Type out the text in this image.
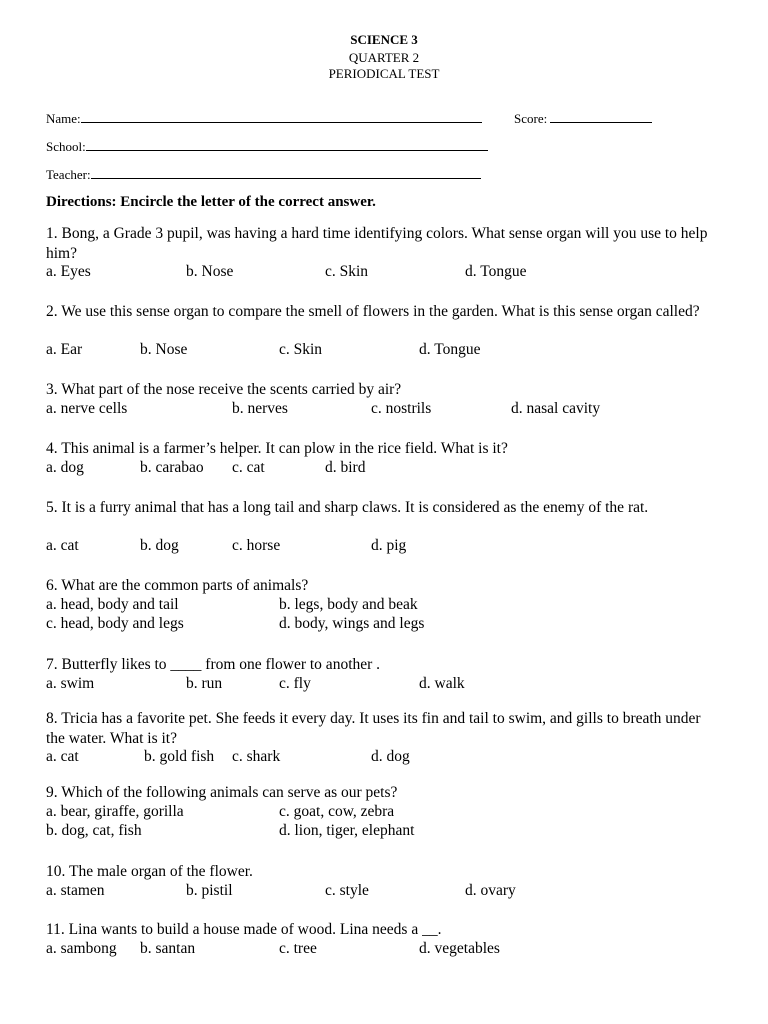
SCIENCE 3
QUARTER 2
PERIODICAL TEST
Name:	Score:
School:
Teacher:
Directions: Encircle the letter of the correct answer.
1. Bong, a Grade 3 pupil, was having a hard time identifying colors. What sense organ will you use to help him?
a. Eyes	b. Nose	c. Skin	d. Tongue
2. We use this sense organ to compare the smell of flowers in the garden. What is this sense organ called?
a. Ear	b. Nose	c. Skin	d. Tongue
3. What part of the nose receive the scents carried by air?
a. nerve cells	b. nerves	c. nostrils	d. nasal cavity
4. This animal is a farmer’s helper. It can plow in the rice field. What is it?
a. dog	b. carabao c. cat	d. bird
5. It is a furry animal that has a long tail and sharp claws. It is considered as the enemy of the rat.
a. cat	b. dog	c. horse	d. pig
6. What are the common parts of animals?
a. head, body and tail	b. legs, body and beak
c. head, body and legs	d. body, wings and legs
7. Butterfly likes to ____ from one flower to another .
a. swim	b. run	c. fly	d. walk
8. Tricia has a favorite pet. She feeds it every day. It uses its fin and tail to swim, and gills to breath under the water. What is it?
a. cat	b. gold fish c. shark	d. dog
9. Which of the following animals can serve as our pets?
a. bear, giraffe, gorilla	c. goat, cow, zebra
b. dog, cat, fish	d. lion, tiger, elephant
10. The male organ of the flower.
a. stamen	b. pistil	c. style	d. ovary
11. Lina wants to build a house made of wood. Lina needs a __.
a. sambong b. santan	c. tree	d. vegetables
